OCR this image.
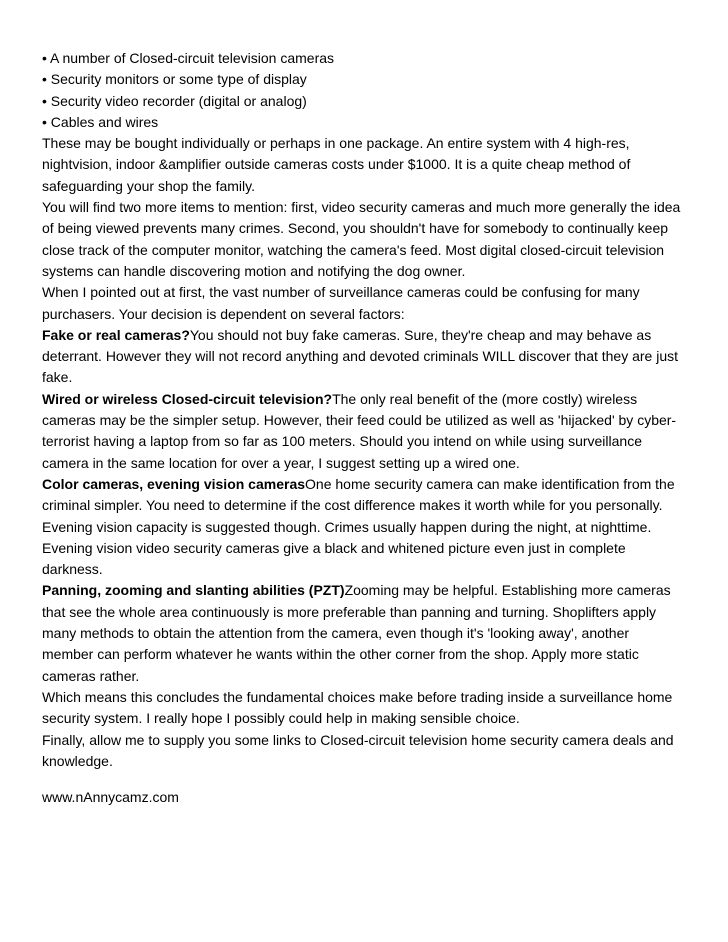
• A number of Closed-circuit television cameras

• Security monitors or some type of display

• Security video recorder (digital or analog)

• Cables and wires

These may be bought individually or perhaps in one package. An entire system with 4 high-res, nightvision, indoor &amplifier outside cameras costs under $1000. It is a quite cheap method of safeguarding your shop the family.

You will find two more items to mention: first, video security cameras and much more generally the idea of being viewed prevents many crimes. Second, you shouldn't have for somebody to continually keep close track of the computer monitor, watching the camera's feed. Most digital closed-circuit television systems can handle discovering motion and notifying the dog owner.

When I pointed out at first, the vast number of surveillance cameras could be confusing for many purchasers. Your decision is dependent on several factors:

Fake or real cameras?You should not buy fake cameras. Sure, they're cheap and may behave as deterrant. However they will not record anything and devoted criminals WILL discover that they are just fake.

Wired or wireless Closed-circuit television?The only real benefit of the (more costly) wireless cameras may be the simpler setup. However, their feed could be utilized as well as 'hijacked' by cyber-terrorist having a laptop from so far as 100 meters. Should you intend on while using surveillance camera in the same location for over a year, I suggest setting up a wired one.

Color cameras, evening vision camerasOne home security camera can make identification from the criminal simpler. You need to determine if the cost difference makes it worth while for you personally. Evening vision capacity is suggested though. Crimes usually happen during the night, at nighttime. Evening vision video security cameras give a black and whitened picture even just in complete darkness.

Panning, zooming and slanting abilities (PZT)Zooming may be helpful. Establishing more cameras that see the whole area continuously is more preferable than panning and turning. Shoplifters apply many methods to obtain the attention from the camera, even though it's 'looking away', another member can perform whatever he wants within the other corner from the shop. Apply more static cameras rather.

Which means this concludes the fundamental choices make before trading inside a surveillance home security system. I really hope I possibly could help in making sensible choice.

Finally, allow me to supply you some links to Closed-circuit television home security camera deals and knowledge.

www.nAnnycamz.com
